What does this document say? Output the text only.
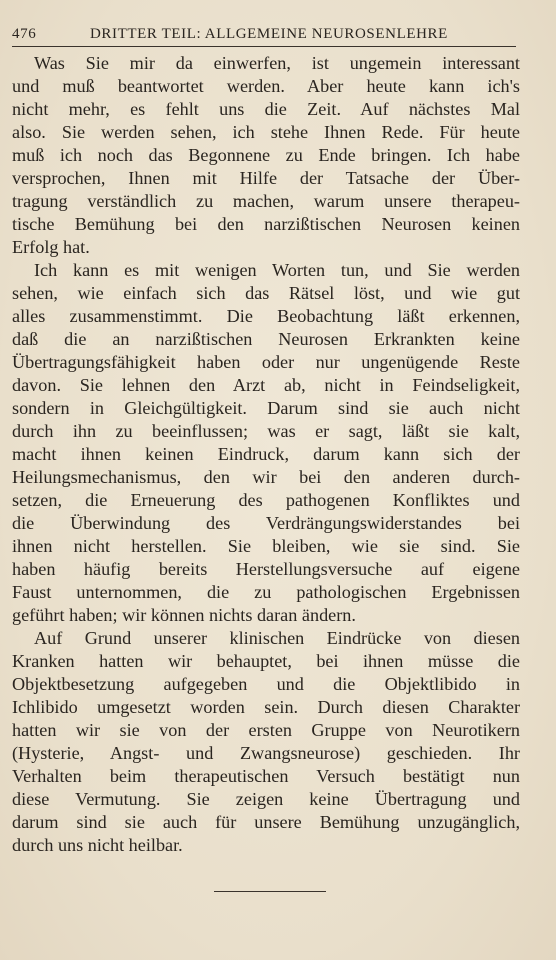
476	DRITTER TEIL: ALLGEMEINE NEUROSENLEHRE
Was Sie mir da einwerfen, ist ungemein interessant
und muß beantwortet werden. Aber heute kann ich's
nicht mehr, es fehlt uns die Zeit. Auf nächstes Mal
also. Sie werden sehen, ich stehe Ihnen Rede. Für heute
muß ich noch das Begonnene zu Ende bringen. Ich habe
versprochen, Ihnen mit Hilfe der Tatsache der Über-
tragung verständlich zu machen, warum unsere therapeu-
tische Bemühung bei den narzißtischen Neurosen keinen
Erfolg hat.
Ich kann es mit wenigen Worten tun, und Sie werden
sehen, wie einfach sich das Rätsel löst, und wie gut
alles zusammenstimmt. Die Beobachtung läßt erkennen,
daß die an narzißtischen Neurosen Erkrankten keine
Übertragungsfähigkeit haben oder nur ungenügende Reste
davon. Sie lehnen den Arzt ab, nicht in Feindseligkeit,
sondern in Gleichgültigkeit. Darum sind sie auch nicht
durch ihn zu beeinflussen; was er sagt, läßt sie kalt,
macht ihnen keinen Eindruck, darum kann sich der
Heilungsmechanismus, den wir bei den anderen durch-
setzen, die Erneuerung des pathogenen Konfliktes und
die Überwindung des Verdrängungswiderstandes bei
ihnen nicht herstellen. Sie bleiben, wie sie sind. Sie
haben häufig bereits Herstellungsversuche auf eigene
Faust unternommen, die zu pathologischen Ergebnissen
geführt haben; wir können nichts daran ändern.
Auf Grund unserer klinischen Eindrücke von diesen
Kranken hatten wir behauptet, bei ihnen müsse die
Objektbesetzung aufgegeben und die Objektlibido in
Ichlibido umgesetzt worden sein. Durch diesen Charakter
hatten wir sie von der ersten Gruppe von Neurotikern
(Hysterie, Angst- und Zwangsneurose) geschieden. Ihr
Verhalten beim therapeutischen Versuch bestätigt nun
diese Vermutung. Sie zeigen keine Übertragung und
darum sind sie auch für unsere Bemühung unzugänglich,
durch uns nicht heilbar.
